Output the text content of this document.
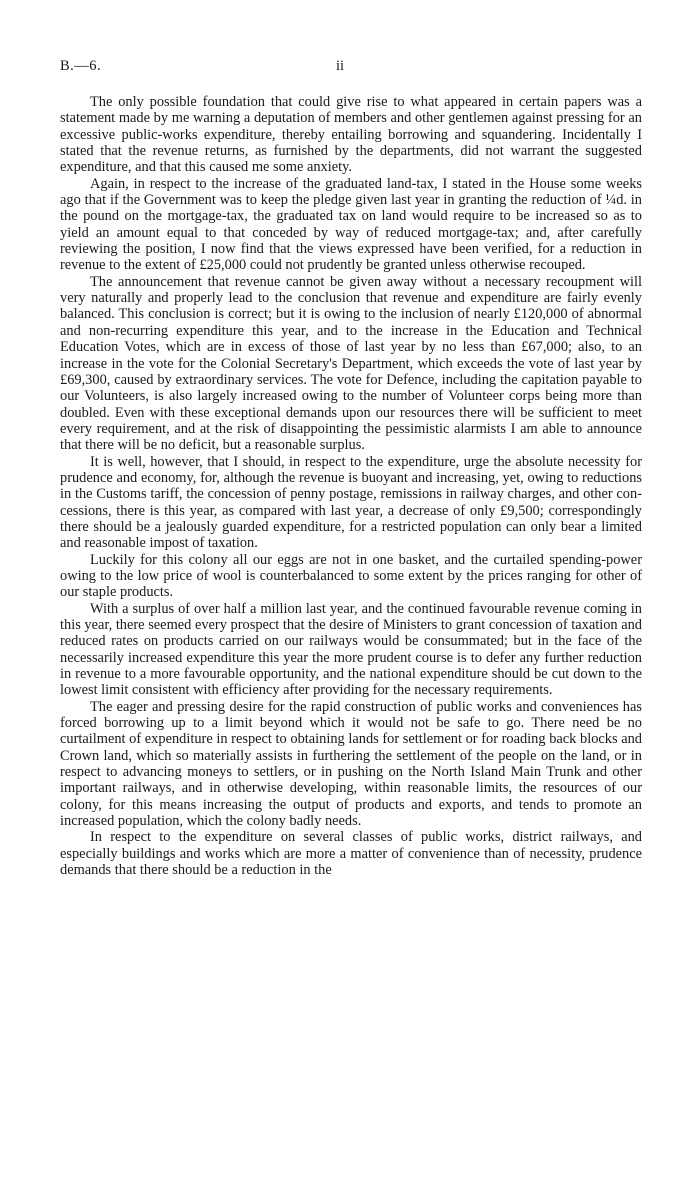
B.—6.	ii

The only possible foundation that could give rise to what appeared in certain papers was a statement made by me warning a deputation of members and other gentlemen against pressing for an excessive public-works expenditure, thereby entailing borrowing and squandering. Incidentally I stated that the revenue returns, as furnished by the departments, did not warrant the suggested expenditure, and that this caused me some anxiety.

Again, in respect to the increase of the graduated land-tax, I stated in the House some weeks ago that if the Government was to keep the pledge given last year in granting the reduction of ¼d. in the pound on the mortgage-tax, the graduated tax on land would require to be increased so as to yield an amount equal to that conceded by way of reduced mortgage-tax; and, after carefully reviewing the position, I now find that the views expressed have been verified, for a reduction in revenue to the extent of £25,000 could not prudently be granted unless otherwise recouped.

The announcement that revenue cannot be given away without a necessary recoupment will very naturally and properly lead to the conclusion that revenue and expenditure are fairly evenly balanced. This conclusion is correct; but it is owing to the inclusion of nearly £120,000 of abnormal and non-recurring expenditure this year, and to the increase in the Education and Technical Education Votes, which are in excess of those of last year by no less than £67,000; also, to an increase in the vote for the Colonial Secretary's Department, which exceeds the vote of last year by £69,300, caused by extraordinary services. The vote for Defence, including the capitation payable to our Volunteers, is also largely increased owing to the number of Volunteer corps being more than doubled. Even with these exceptional demands upon our resources there will be sufficient to meet every requirement, and at the risk of disappointing the pessimistic alarmists I am able to announce that there will be no deficit, but a reasonable surplus.

It is well, however, that I should, in respect to the expenditure, urge the absolute necessity for prudence and economy, for, although the revenue is buoyant and increasing, yet, owing to reductions in the Customs tariff, the concession of penny postage, remissions in railway charges, and other concessions, there is this year, as compared with last year, a decrease of only £9,500; correspondingly there should be a jealously guarded expenditure, for a restricted population can only bear a limited and reasonable impost of taxation.

Luckily for this colony all our eggs are not in one basket, and the curtailed spending-power owing to the low price of wool is counterbalanced to some extent by the prices ranging for other of our staple products.

With a surplus of over half a million last year, and the continued favourable revenue coming in this year, there seemed every prospect that the desire of Ministers to grant concession of taxation and reduced rates on products carried on our railways would be consummated; but in the face of the necessarily increased expenditure this year the more prudent course is to defer any further reduction in revenue to a more favourable opportunity, and the national expenditure should be cut down to the lowest limit consistent with efficiency after providing for the necessary requirements.

The eager and pressing desire for the rapid construction of public works and conveniences has forced borrowing up to a limit beyond which it would not be safe to go. There need be no curtailment of expenditure in respect to obtaining lands for settlement or for roading back blocks and Crown land, which so materially assists in furthering the settlement of the people on the land, or in respect to advancing moneys to settlers, or in pushing on the North Island Main Trunk and other important railways, and in otherwise developing, within reasonable limits, the resources of our colony, for this means increasing the output of products and exports, and tends to promote an increased population, which the colony badly needs.

In respect to the expenditure on several classes of public works, district railways, and especially buildings and works which are more a matter of convenience than of necessity, prudence demands that there should be a reduction in the
